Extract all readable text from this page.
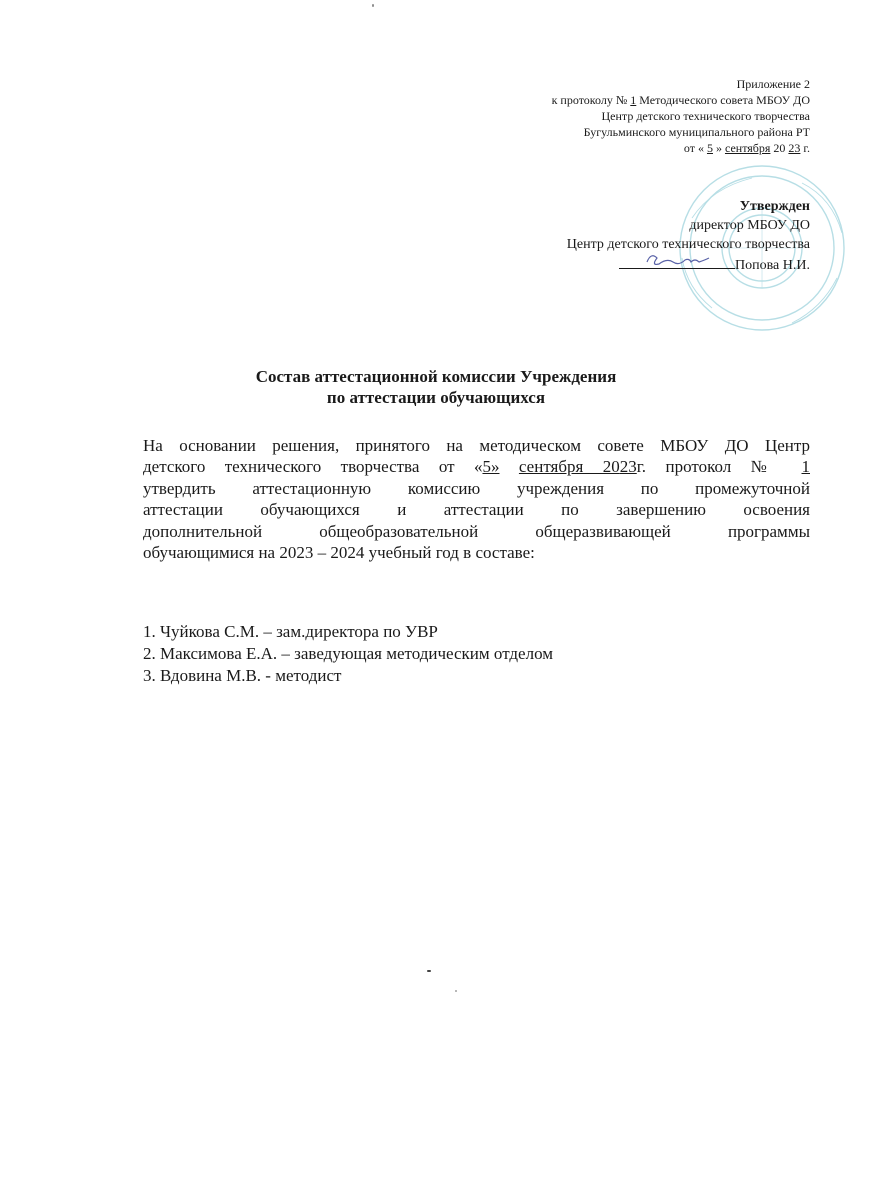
Приложение 2
к протоколу № 1 Методического совета МБОУ ДО
Центр детского технического творчества
Бугульминского муниципального района РТ
от « 5 » сентября 20 23 г.
Утвержден
директор МБОУ ДО
Центр детского технического творчества
Попова Н.И.
Состав аттестационной комиссии Учреждения
по аттестации обучающихся
На основании решения, принятого на методическом совете МБОУ ДО Центр
детского технического творчества от «5» сентября 2023г. протокол № 1
утвердить аттестационную комиссию учреждения по промежуточной
аттестации обучающихся и аттестации по завершению освоения
дополнительной общеобразовательной общеразвивающей программы
обучающимися на 2023 – 2024 учебный год в составе:
1. Чуйкова С.М. – зам.директора по УВР
2. Максимова Е.А. – заведующая методическим отделом
3. Вдовина М.В. - методист
